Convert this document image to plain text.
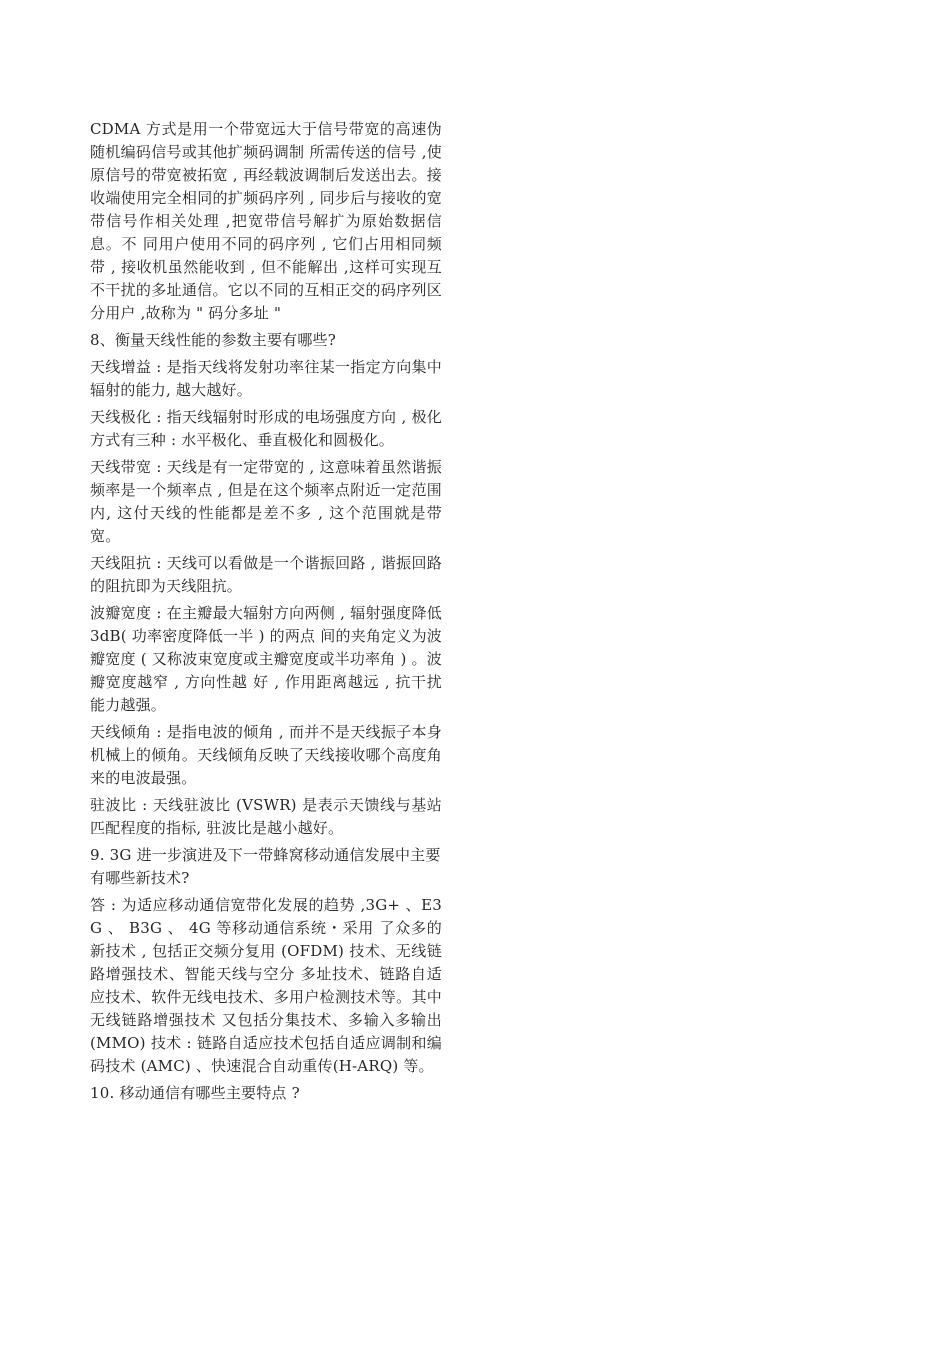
CDMA 方式是用一个带宽远大于信号带宽的高速伪随机编码信号或其他扩频码调制 所需传送的信号 ,使原信号的带宽被拓宽 , 再经载波调制后发送出去。接收端使用完全相同的扩频码序列 , 同步后与接收的宽带信号作相关处理 ,把宽带信号解扩为原始数据信息。不 同用户使用不同的码序列 , 它们占用相同频带 , 接收机虽然能收到 , 但不能解出 ,这样可实现互不干扰的多址通信。它以不同的互相正交的码序列区分用户 ,故称为 " 码分多址 "

8、衡量天线性能的参数主要有哪些?

天线增益 : 是指天线将发射功率往某一指定方向集中辐射的能力, 越大越好。

天线极化 : 指天线辐射时形成的电场强度方向 , 极化方式有三种 : 水平极化、垂直极化和圆极化。

天线带宽 : 天线是有一定带宽的 , 这意味着虽然谐振频率是一个频率点 , 但是在这个频率点附近一定范围内, 这付天线的性能都是差不多 , 这个范围就是带宽。

天线阻抗 : 天线可以看做是一个谐振回路 , 谐振回路的阻抗即为天线阻抗。

波瓣宽度 : 在主瓣最大辐射方向两侧 , 辐射强度降低 3dB( 功率密度降低一半 ) 的两点 间的夹角定义为波瓣宽度 ( 又称波束宽度或主瓣宽度或半功率角 ) 。波瓣宽度越窄 , 方向性越 好 , 作用距离越远 , 抗干扰能力越强。

天线倾角 : 是指电波的倾角 , 而并不是天线振子本身机械上的倾角。天线倾角反映了天线接收哪个高度角来的电波最强。

驻波比 : 天线驻波比 (VSWR) 是表示天馈线与基站匹配程度的指标, 驻波比是越小越好。

9. 3G 进一步演进及下一带蜂窝移动通信发展中主要有哪些新技术?

答 : 为适应移动通信宽带化发展的趋势 ,3G+ 、E3G 、 B3G 、 4G 等移动通信系统・采用 了众多的新技术 , 包括正交频分复用 (OFDM) 技术、无线链路增强技术、智能天线与空分 多址技术、链路自适应技术、软件无线电技术、多用户检测技术等。其中无线链路增强技术 又包括分集技术、多输入多输出 (MMO) 技术 : 链路自适应技术包括自适应调制和编码技术 (AMC) 、快速混合自动重传(H-ARQ) 等。

10. 移动通信有哪些主要特点 ?
